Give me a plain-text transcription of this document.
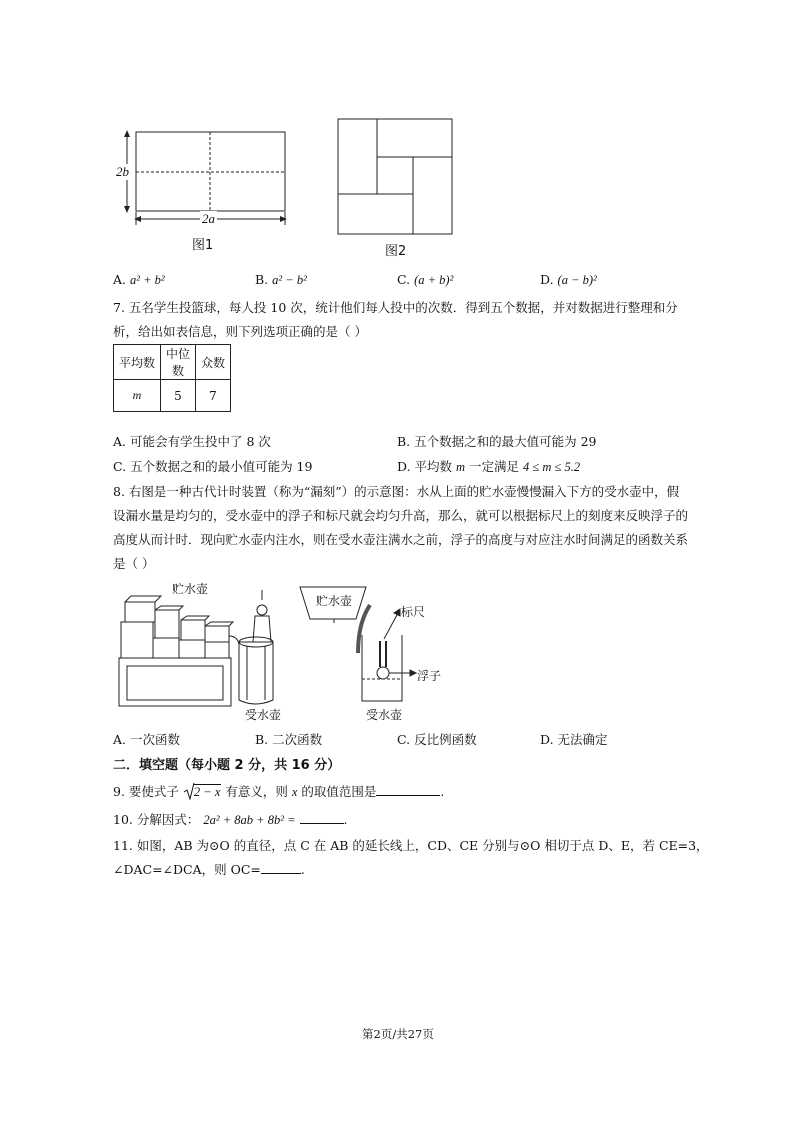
2b
2a
图1	图2
A. a² + b²	B. a² − b²	C. (a + b)²	D. (a − b)²
7. 五名学生投篮球，每人投 10 次，统计他们每人投中的次数．得到五个数据，并对数据进行整理和分
析，给出如表信息，则下列选项正确的是（ ）
平均数	中位数	众数
m	5	7
A. 可能会有学生投中了 8 次	B. 五个数据之和的最大值可能为 29
C. 五个数据之和的最小值可能为 19	D. 平均数 m 一定满足 4 ≤ m ≤ 5.2
8. 右图是一种古代计时装置（称为“漏刻”）的示意图：水从上面的贮水壶慢慢漏入下方的受水壶中，假
设漏水量是均匀的，受水壶中的浮子和标尺就会均匀升高，那么，就可以根据标尺上的刻度来反映浮子的
高度从而计时．现向贮水壶内注水，则在受水壶注满水之前，浮子的高度与对应注水时间满足的函数关系
是（ ）
贮水壶
受水壶
贮水壶
标尺
浮子
受水壶
A. 一次函数	B. 二次函数	C. 反比例函数	D. 无法确定
二．填空题（每小题 2 分，共 16 分）
9. 要使式子 2 − x 有意义，则 x 的取值范围是	.
10. 分解因式： 2a² + 8ab + 8b² =	.
11. 如图，AB 为⊙O 的直径，点 C 在 AB 的延长线上，CD、CE 分别与⊙O 相切于点 D、E，若 CE=3，
∠DAC=∠DCA，则 OC=	.
第2页/共27页
